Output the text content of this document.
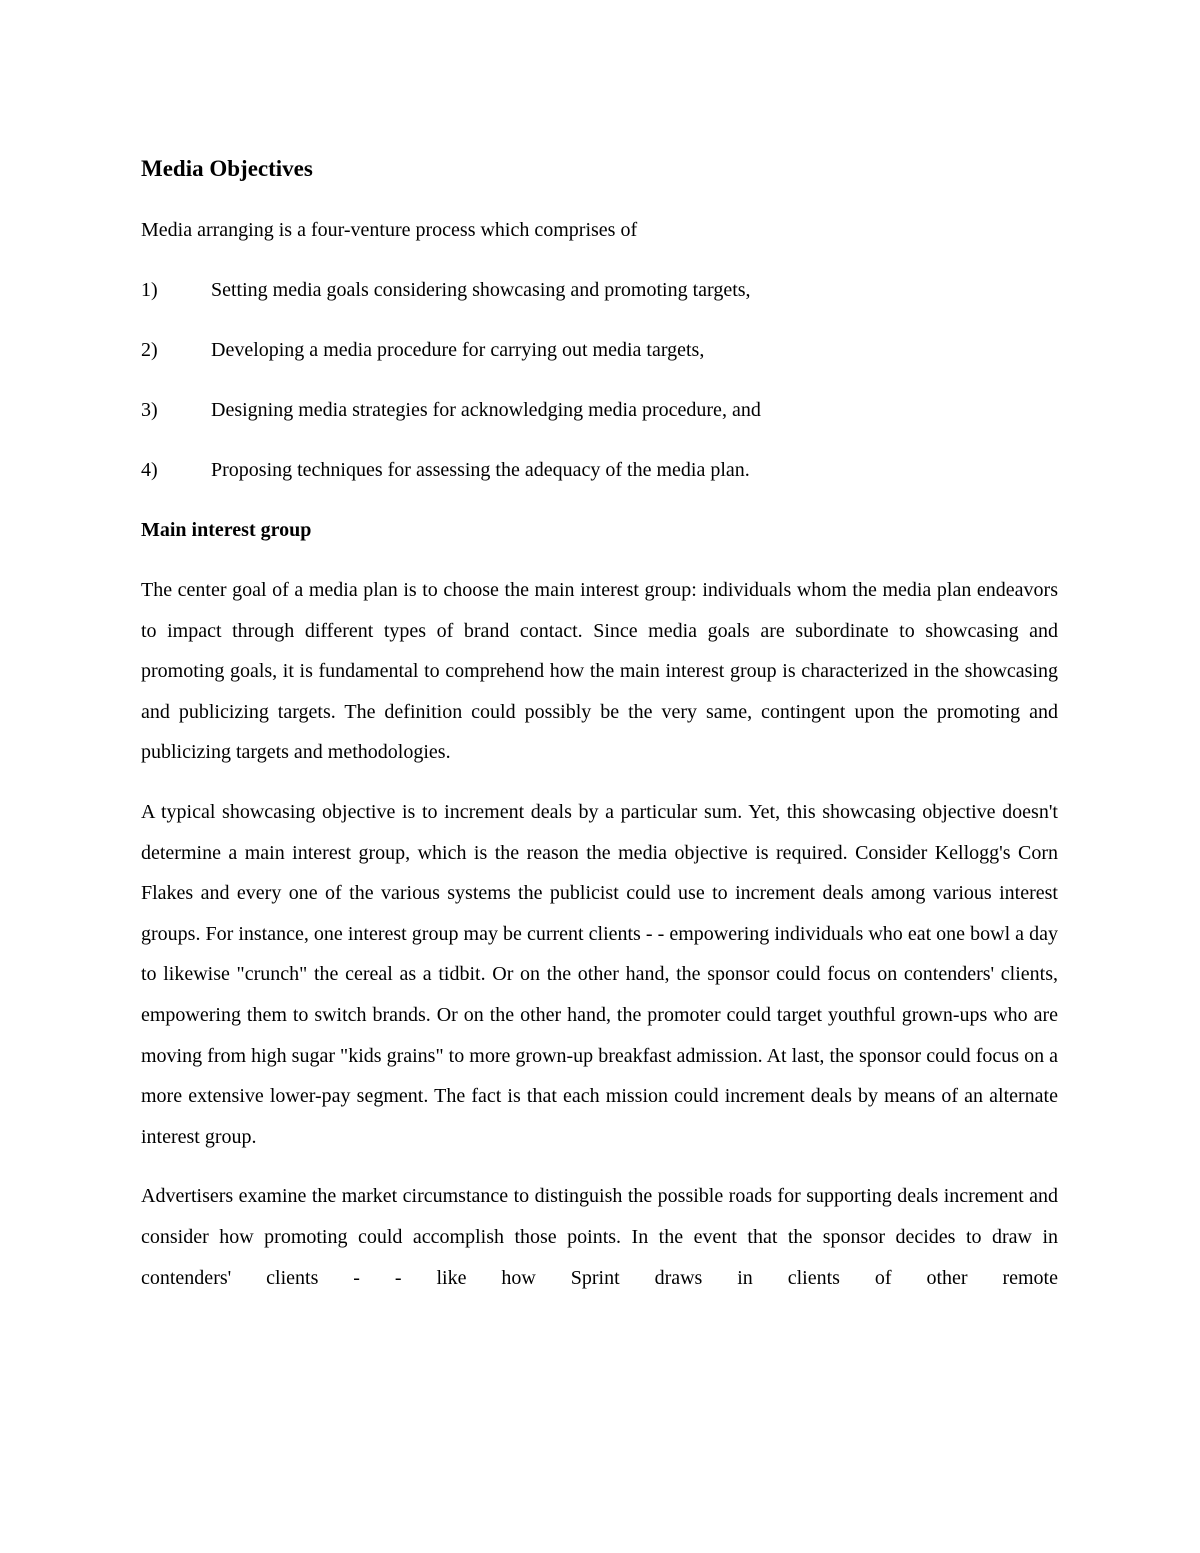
Media Objectives

Media arranging is a four-venture process which comprises of

1)	Setting media goals considering showcasing and promoting targets,
2)	Developing a media procedure for carrying out media targets,
3)	Designing media strategies for acknowledging media procedure, and
4)	Proposing techniques for assessing the adequacy of the media plan.
Main interest group

The center goal of a media plan is to choose the main interest group: individuals whom the media plan endeavors to impact through different types of brand contact. Since media goals are subordinate to showcasing and promoting goals, it is fundamental to comprehend how the main interest group is characterized in the showcasing and publicizing targets. The definition could possibly be the very same, contingent upon the promoting and publicizing targets and methodologies.

A typical showcasing objective is to increment deals by a particular sum. Yet, this showcasing objective doesn't determine a main interest group, which is the reason the media objective is required. Consider Kellogg's Corn Flakes and every one of the various systems the publicist could use to increment deals among various interest groups. For instance, one interest group may be current clients - - empowering individuals who eat one bowl a day to likewise "crunch" the cereal as a tidbit. Or on the other hand, the sponsor could focus on contenders' clients, empowering them to switch brands. Or on the other hand, the promoter could target youthful grown-ups who are moving from high sugar "kids grains" to more grown-up breakfast admission. At last, the sponsor could focus on a more extensive lower-pay segment. The fact is that each mission could increment deals by means of an alternate interest group.

Advertisers examine the market circumstance to distinguish the possible roads for supporting deals increment and consider how promoting could accomplish those points. In the event that the sponsor decides to draw in contenders' clients - - like how Sprint draws in clients of other remote
